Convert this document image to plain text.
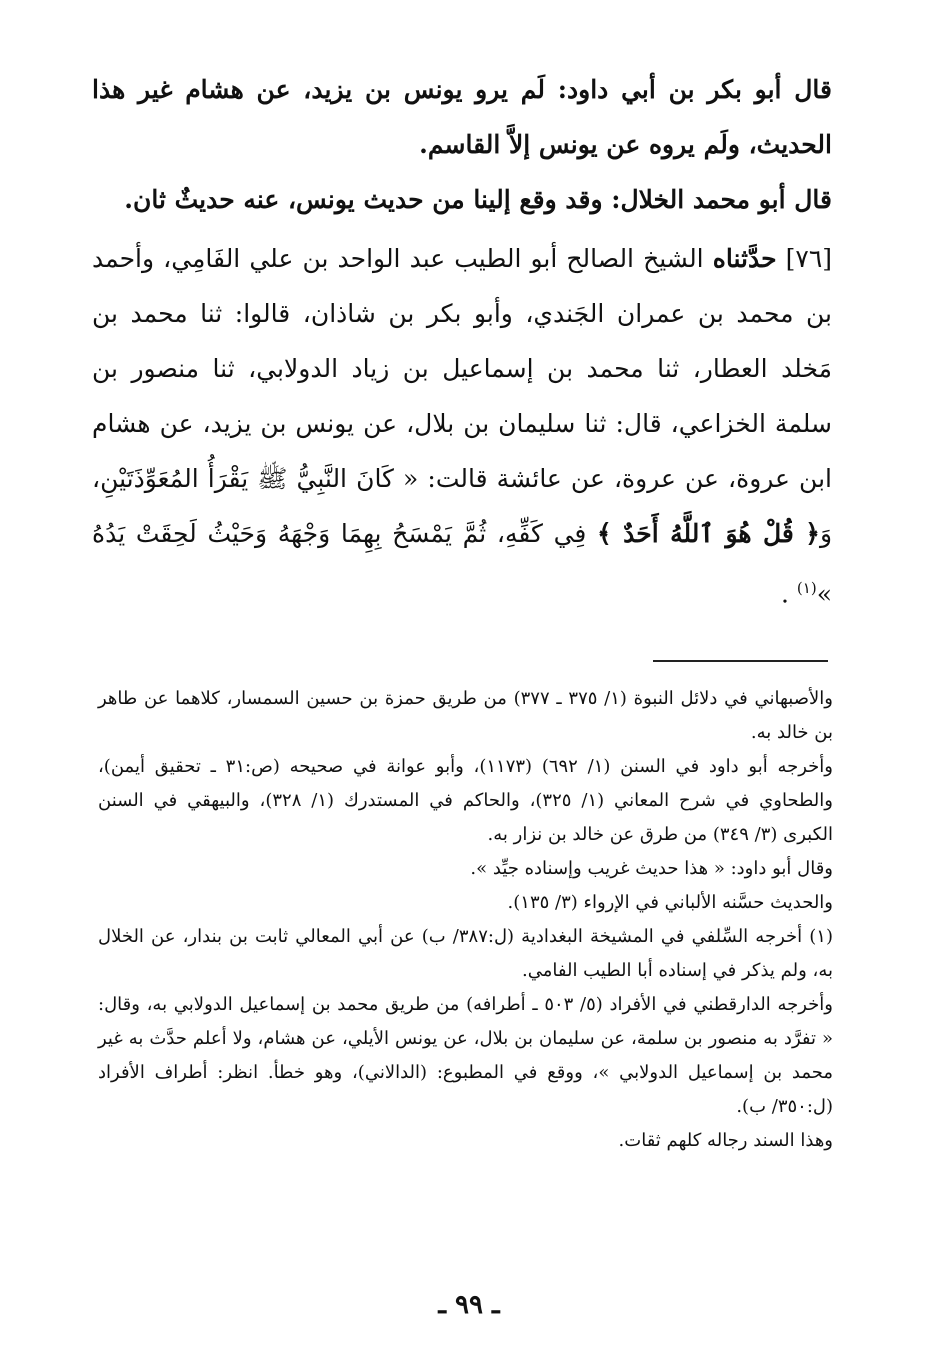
قال أبو بكر بن أبي داود: لَم يرو يونس بن يزيد، عن هشام غير هذا الحديث، ولَم يروه عن يونس إلاَّ القاسم.

قال أبو محمد الخلال: وقد وقع إلينا من حديث يونس، عنه حديثٌ ثان.

[٧٦] حدَّثناه الشيخ الصالح أبو الطيب عبد الواحد بن علي الفَامِي، وأحمد بن محمد بن عمران الجَندي، وأبو بكر بن شاذان، قالوا: ثنا محمد بن مَخلد العطار، ثنا محمد بن إسماعيل بن زياد الدولابي، ثنا منصور بن سلمة الخزاعي، قال: ثنا سليمان بن بلال، عن يونس بن يزيد، عن هشام ابن عروة، عن عروة، عن عائشة قالت: « كَانَ النَّبِيُّ ﷺ يَقْرَأُ المُعَوِّذَتَيْنِ، وَ﴿ قُلْ هُوَ ٱللَّهُ أَحَدٌ ﴾ فِي كَفِّهِ، ثُمَّ يَمْسَحُ بِهِمَا وَجْهَهُ وَحَيْثُ لَحِقَتْ يَدُهُ »$^{(١)}$ .

والأصبهاني في دلائل النبوة (١/ ٣٧٥ ـ ٣٧٧) من طريق حمزة بن حسين السمسار، كلاهما عن طاهر بن خالد به.

وأخرجه أبو داود في السنن (١/ ٦٩٢) (١١٧٣)، وأبو عوانة في صحيحه (ص:٣١ ـ تحقيق أيمن)، والطحاوي في شرح المعاني (١/ ٣٢٥)، والحاكم في المستدرك (١/ ٣٢٨)، والبيهقي في السنن الكبرى (٣/ ٣٤٩) من طرق عن خالد بن نزار به.

وقال أبو داود: « هذا حديث غريب وإسناده جيِّد ».

والحديث حسَّنه الألباني في الإرواء (٣/ ١٣٥).

(١) أخرجه السِّلفي في المشيخة البغدادية (ل:٣٨٧/ ب) عن أبي المعالي ثابت بن بندار، عن الخلال به، ولم يذكر في إسناده أبا الطيب الفامي.

وأخرجه الدارقطني في الأفراد (٥/ ٥٠٣ ـ أطرافه) من طريق محمد بن إسماعيل الدولابي به، وقال: « تفرَّد به منصور بن سلمة، عن سليمان بن بلال، عن يونس الأيلي، عن هشام، ولا أعلم حدَّث به غير محمد بن إسماعيل الدولابي »، ووقع في المطبوع: (الدالاني)، وهو خطأ. انظر: أطراف الأفراد (ل:٣٥٠/ ب).

وهذا السند رجاله كلهم ثقات.

ـ ٩٩ ـ
